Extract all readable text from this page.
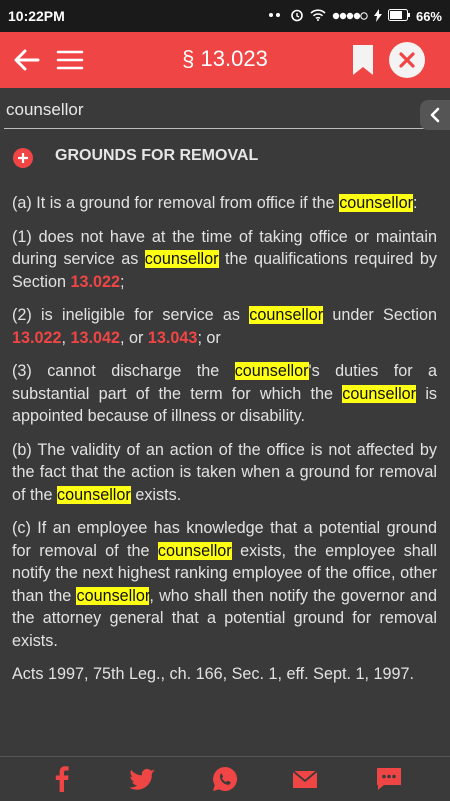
10:22PM	66%
§ 13.023
counsellor
GROUNDS FOR REMOVAL

(a) It is a ground for removal from office if the counsellor:

(1) does not have at the time of taking office or maintain during service as counsellor the qualifications required by Section 13.022;

(2) is ineligible for service as counsellor under Section 13.022, 13.042, or 13.043; or

(3) cannot discharge the counsellor's duties for a substantial part of the term for which the counsellor is appointed because of illness or disability.

(b) The validity of an action of the office is not affected by the fact that the action is taken when a ground for removal of the counsellor exists.

(c) If an employee has knowledge that a potential ground for removal of the counsellor exists, the employee shall notify the next highest ranking employee of the office, other than the counsellor, who shall then notify the governor and the attorney general that a potential ground for removal exists.

Acts 1997, 75th Leg., ch. 166, Sec. 1, eff. Sept. 1, 1997.
